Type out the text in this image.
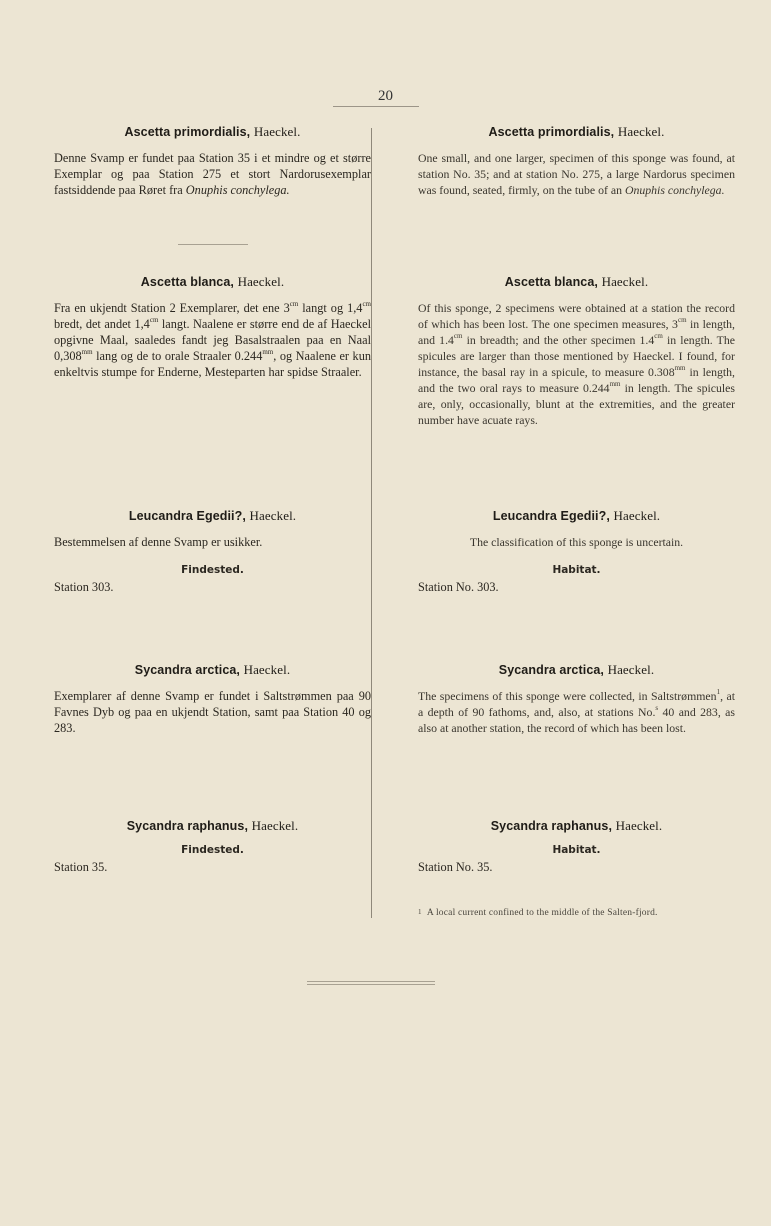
20

Ascetta primordialis, Haeckel.

Denne Svamp er fundet paa Station 35 i et mindre og et større Exemplar og paa Station 275 et stort Nardorusexemplar fastsiddende paa Røret fra Onuphis conchylega.

Ascetta blanca, Haeckel.

Fra en ukjendt Station 2 Exemplarer, det ene $3^{cm}$ langt og $1,4^{cm}$ bredt, det andet $1,4^{cm}$ langt. Naalene er større end de af Haeckel opgivne Maal, saaledes fandt jeg Basalstraalen paa en Naal $0,308^{mm}$ lang og de to orale Straaler $0.244^{mm}$, og Naalene er kun enkeltvis stumpe for Enderne, Mesteparten har spidse Straaler.

Leucandra Egedii?, Haeckel.

Bestemmelsen af denne Svamp er usikker.

Findested.

Station 303.

Sycandra arctica, Haeckel.

Exemplarer af denne Svamp er fundet i Saltstrømmen paa 90 Favnes Dyb og paa en ukjendt Station, samt paa Station 40 og 283.

Sycandra raphanus, Haeckel.

Findested.

Station 35.

Ascetta primordialis, Haeckel.

One small, and one larger, specimen of this sponge was found, at station No. 35; and at station No. 275, a large Nardorus specimen was found, seated, firmly, on the tube of an Onuphis conchylega.

Ascetta blanca, Haeckel.

Of this sponge, 2 specimens were obtained at a station the record of which has been lost. The one specimen measures, $3^{cm}$ in length, and $1.4^{cm}$ in breadth; and the other specimen $1.4^{cm}$ in length. The spicules are larger than those mentioned by Haeckel. I found, for instance, the basal ray in a spicule, to measure $0.308^{mm}$ in length, and the two oral rays to measure $0.244^{mm}$ in length. The spicules are, only, occasionally, blunt at the extremities, and the greater number have acuate rays.

Leucandra Egedii?, Haeckel.

The classification of this sponge is uncertain.

Habitat.

Station No. 303.

Sycandra arctica, Haeckel.

The specimens of this sponge were collected, in Saltstrømmen$^1$, at a depth of 90 fathoms, and, also, at stations No.$^s$ 40 and 283, as also at another station, the record of which has been lost.

Sycandra raphanus, Haeckel.

Habitat.

Station No. 35.

$^1$ A local current confined to the middle of the Salten-fjord.
